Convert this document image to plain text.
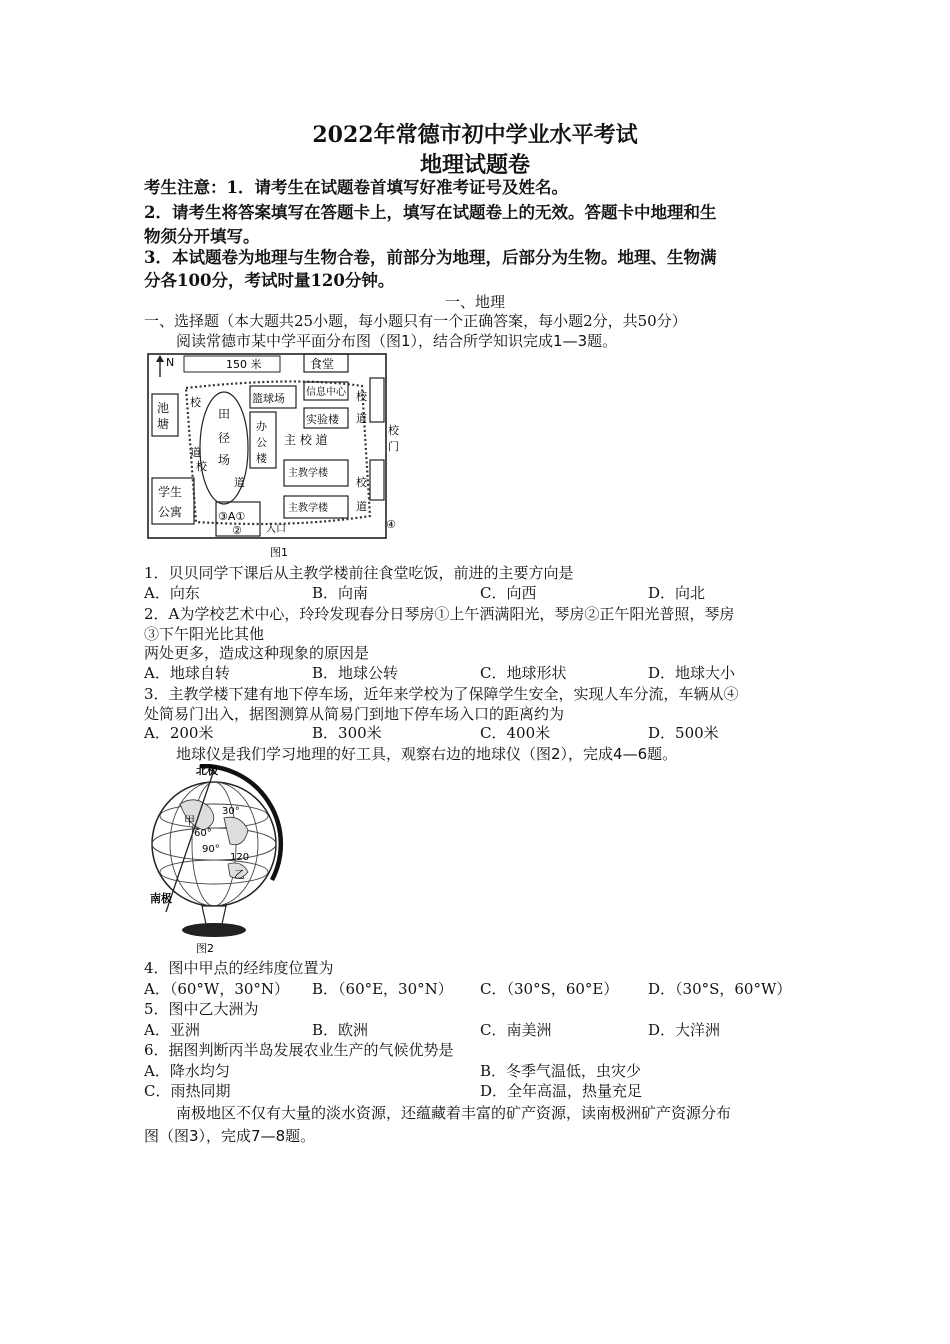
2022年常德市初中学业水平考试
地理试题卷
考生注意：1．请考生在试题卷首填写好准考证号及姓名。
2．请考生将答案填写在答题卡上，填写在试题卷上的无效。答题卡中地理和生
物须分开填写。
3．本试题卷为地理与生物合卷，前部分为地理，后部分为生物。地理、生物满
分各100分，考试时量120分钟。
一、地理
一、选择题（本大题共25小题，每小题只有一个正确答案，每小题2分，共50分）
阅读常德市某中学平面分布图（图1），结合所学知识完成1—3题。
N	150 米	食堂
池
塘
田
径
场
校
道
篮球场 信息中心
实验楼
办
公
楼
主 校 道
校
道
校
道
校
门
主教学楼
主教学楼
学生
公寓
校
道
③A①
② 入口	④
图1
1．贝贝同学下课后从主教学楼前往食堂吃饭，前进的主要方向是
A．向东	B．向南	C．向西	D．向北
2．A为学校艺术中心，玲玲发现春分日琴房①上午洒满阳光，琴房②正午阳光普照，琴房
③下午阳光比其他
两处更多，造成这种现象的原因是
A．地球自转	B．地球公转	C．地球形状	D．地球大小
3．主教学楼下建有地下停车场，近年来学校为了保障学生安全，实现人车分流，车辆从④
处简易门出入，据图测算从简易门到地下停车场入口的距离约为
A．200米	B．300米	C．400米	D．500米
地球仪是我们学习地理的好工具，观察右边的地球仪（图2），完成4—6题。
北极
南极
30°
60°
90°
120
甲
乙
图2
4．图中甲点的经纬度位置为
A．（60°W，30°N） B．（60°E，30°N） C．（30°S，60°E） D．（30°S，60°W）
5．图中乙大洲为
A．亚洲	B．欧洲	C．南美洲	D．大洋洲
6．据图判断丙半岛发展农业生产的气候优势是
A．降水均匀	B．冬季气温低，虫灾少
C．雨热同期	D．全年高温，热量充足
南极地区不仅有大量的淡水资源，还蕴藏着丰富的矿产资源，读南极洲矿产资源分布
图（图3），完成7—8题。
